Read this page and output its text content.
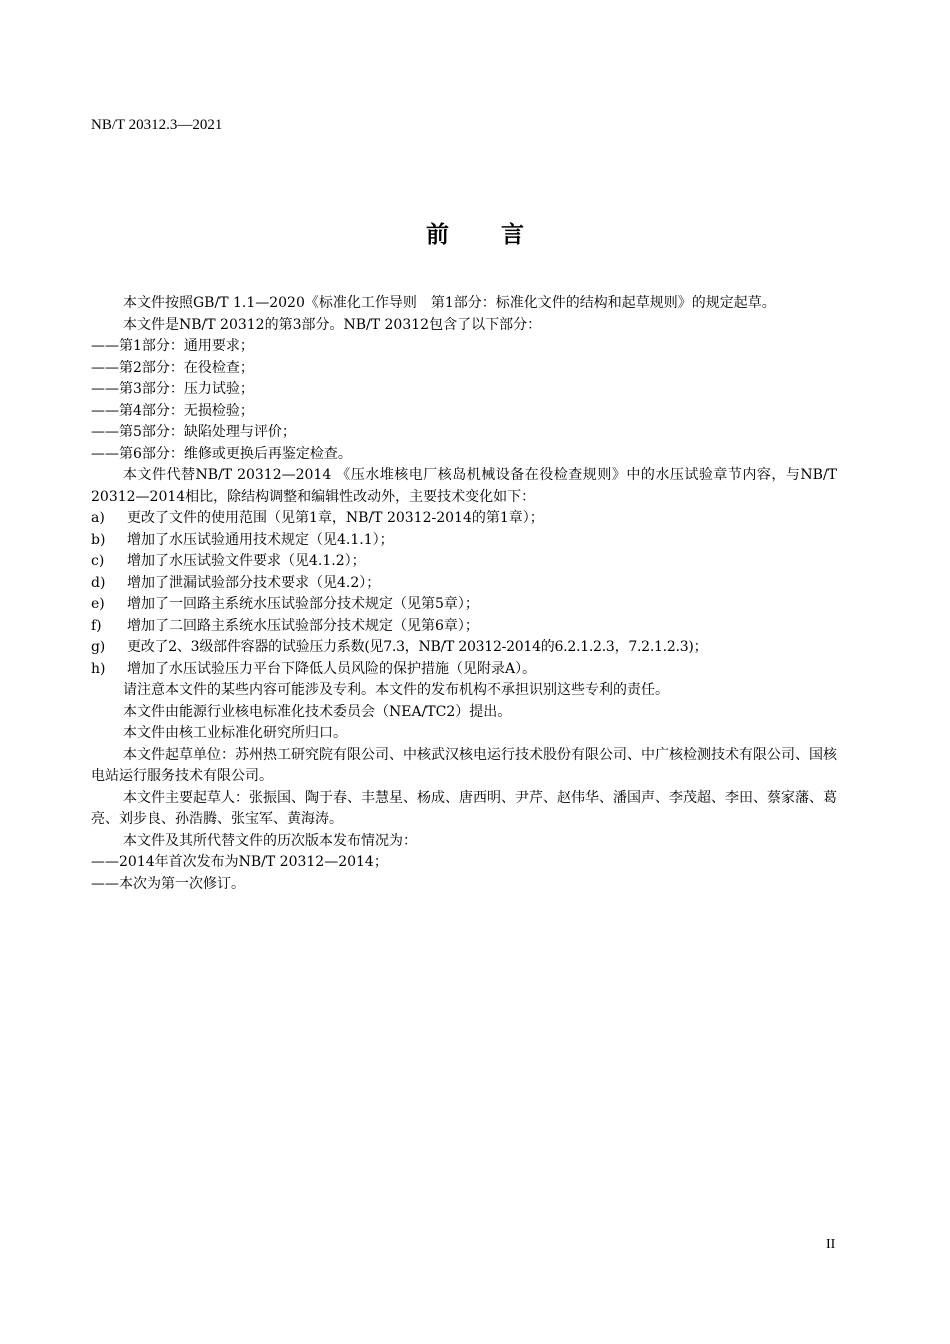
NB/T 20312.3—2021
前言

本文件按照GB/T 1.1—2020《标准化工作导则　第1部分：标准化文件的结构和起草规则》的规定起草。

本文件是NB/T 20312的第3部分。NB/T 20312包含了以下部分：

——第1部分：通用要求；

——第2部分：在役检查；

——第3部分：压力试验；

——第4部分：无损检验；

——第5部分：缺陷处理与评价；

——第6部分：维修或更换后再鉴定检查。

本文件代替NB/T 20312—2014 《压水堆核电厂核岛机械设备在役检查规则》中的水压试验章节内容，与NB/T 20312—2014相比，除结构调整和编辑性改动外，主要技术变化如下：

a) 更改了文件的使用范围（见第1章，NB/T 20312-2014的第1章）；

b) 增加了水压试验通用技术规定（见4.1.1）；

c) 增加了水压试验文件要求（见4.1.2）；

d) 增加了泄漏试验部分技术要求（见4.2）；

e) 增加了一回路主系统水压试验部分技术规定（见第5章）；

f) 增加了二回路主系统水压试验部分技术规定（见第6章）；

g) 更改了2、3级部件容器的试验压力系数(见7.3，NB/T 20312-2014的6.2.1.2.3，7.2.1.2.3)；

h) 增加了水压试验压力平台下降低人员风险的保护措施（见附录A）。

请注意本文件的某些内容可能涉及专利。本文件的发布机构不承担识别这些专利的责任。

本文件由能源行业核电标准化技术委员会（NEA/TC2）提出。

本文件由核工业标准化研究所归口。

本文件起草单位：苏州热工研究院有限公司、中核武汉核电运行技术股份有限公司、中广核检测技术有限公司、国核电站运行服务技术有限公司。

本文件主要起草人：张振国、陶于春、丰慧星、杨成、唐西明、尹芹、赵伟华、潘国声、李茂超、李田、蔡家藩、葛亮、刘步良、孙浩腾、张宝军、黄海涛。

本文件及其所代替文件的历次版本发布情况为：

——2014年首次发布为NB/T 20312—2014；

——本次为第一次修订。

II
